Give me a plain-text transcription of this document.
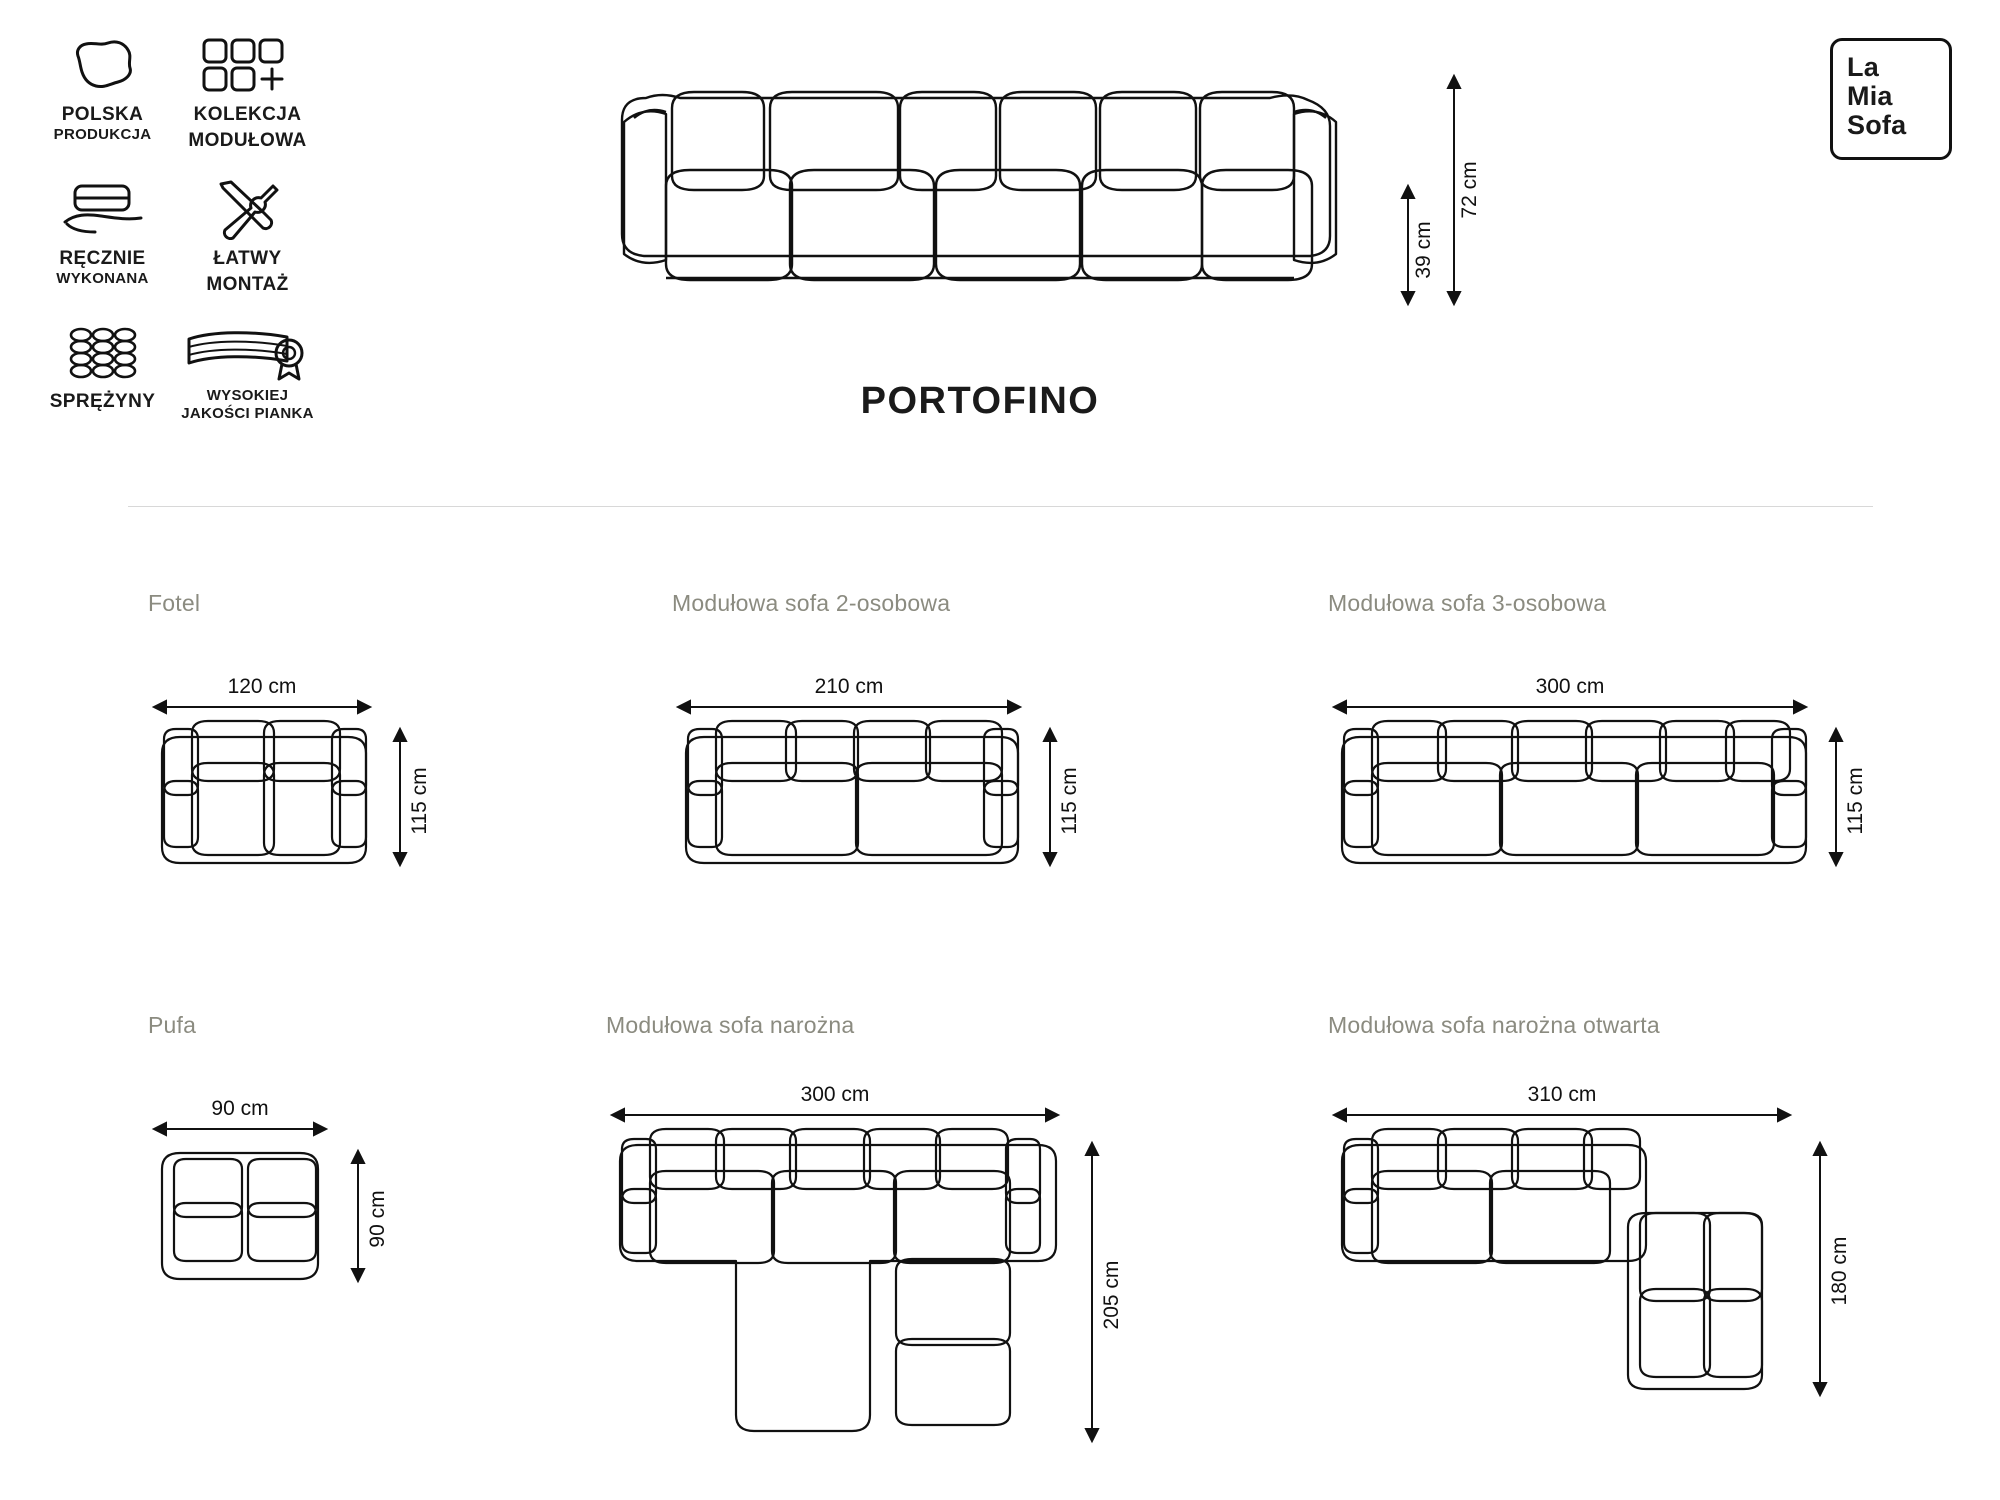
POLSKA
PRODUKCJA
KOLEKCJA
MODUŁOWA
RĘCZNIE
WYKONANA
ŁATWY
MONTAŻ
SPRĘŻYNY	WYSOKIEJ
JAKOŚCI PIANKA
La
Mia
Sofa
PORTOFINO
72 cm
39 cm
Fotel
120 cm
115 cm
Modułowa sofa 2-osobowa
210 cm
115 cm
Modułowa sofa 3-osobowa
300 cm
115 cm
Pufa
90 cm
90 cm
Modułowa sofa narożna
300 cm
205 cm
Modułowa sofa narożna otwarta
310 cm
180 cm
